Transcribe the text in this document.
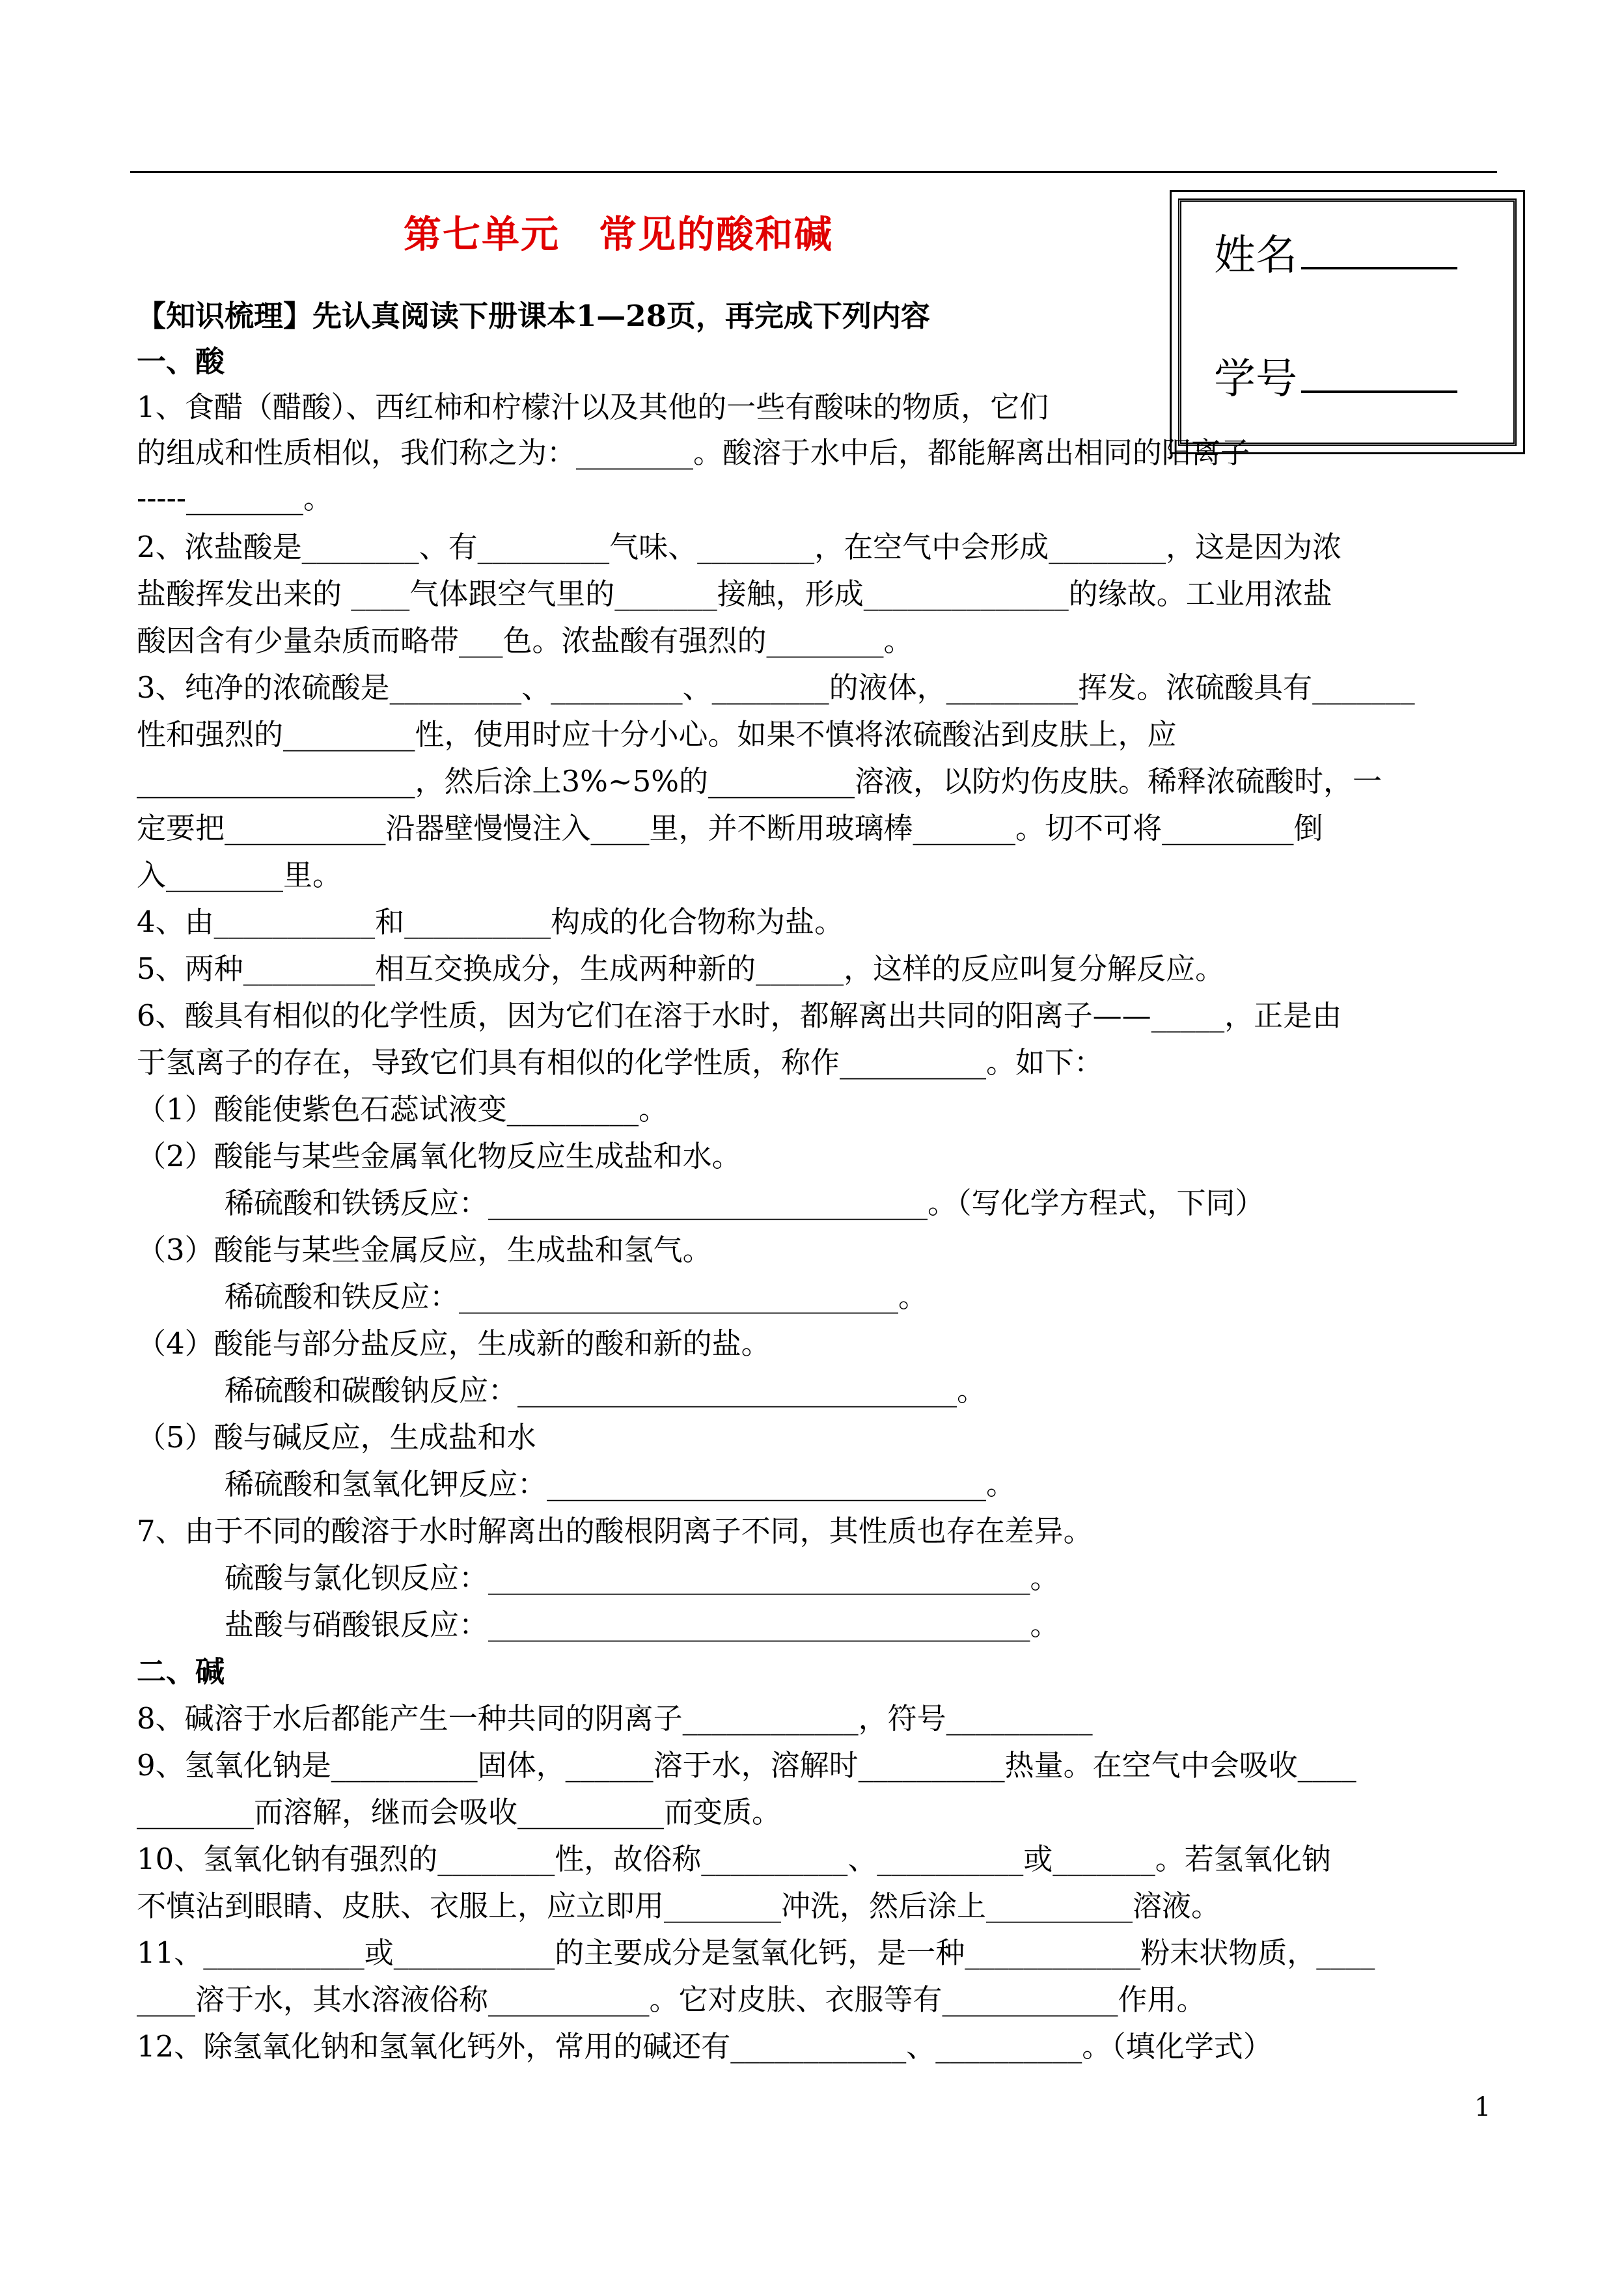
第七单元　常见的酸和碱	姓名
学号
【知识梳理】先认真阅读下册课本1—28页，再完成下列内容
一、酸
1、食醋（醋酸）、西红柿和柠檬汁以及其他的一些有酸味的物质，它们
的组成和性质相似，我们称之为：________。酸溶于水中后，都能解离出相同的阳离子
-----________。
2、浓盐酸是________、有_________气味、________，在空气中会形成________，这是因为浓
盐酸挥发出来的 ____气体跟空气里的_______接触，形成______________的缘故。工业用浓盐
酸因含有少量杂质而略带___色。浓盐酸有强烈的________。
3、纯净的浓硫酸是_________、_________、________的液体，_________挥发。浓硫酸具有_______
性和强烈的_________性，使用时应十分小心。如果不慎将浓硫酸沾到皮肤上，应
___________________，然后涂上3%~5%的__________溶液，以防灼伤皮肤。稀释浓硫酸时，一
定要把___________沿器壁慢慢注入____里，并不断用玻璃棒_______。切不可将_________倒
入________里。
4、由___________和__________构成的化合物称为盐。
5、两种_________相互交换成分，生成两种新的______，这样的反应叫复分解反应。
6、酸具有相似的化学性质，因为它们在溶于水时，都解离出共同的阳离子——_____，正是由
于氢离子的存在，导致它们具有相似的化学性质，称作__________。如下：
（1）酸能使紫色石蕊试液变_________。
（2）酸能与某些金属氧化物反应生成盐和水。
　　　稀硫酸和铁锈反应：______________________________。（写化学方程式，下同）
（3）酸能与某些金属反应，生成盐和氢气。
　　　稀硫酸和铁反应：______________________________。
（4）酸能与部分盐反应，生成新的酸和新的盐。
　　　稀硫酸和碳酸钠反应：______________________________。
（5）酸与碱反应，生成盐和水
　　　稀硫酸和氢氧化钾反应：______________________________。
7、由于不同的酸溶于水时解离出的酸根阴离子不同，其性质也存在差异。
　　　硫酸与氯化钡反应：_____________________________________。
　　　盐酸与硝酸银反应：_____________________________________。
二、碱
8、碱溶于水后都能产生一种共同的阴离子____________，符号__________
9、氢氧化钠是__________固体，______溶于水，溶解时__________热量。在空气中会吸收____
________而溶解，继而会吸收__________而变质。
10、氢氧化钠有强烈的________性，故俗称__________、__________或_______。若氢氧化钠
不慎沾到眼睛、皮肤、衣服上，应立即用________冲洗，然后涂上__________溶液。
11、___________或___________的主要成分是氢氧化钙，是一种____________粉末状物质，____
____溶于水，其水溶液俗称___________。它对皮肤、衣服等有____________作用。
12、除氢氧化钠和氢氧化钙外，常用的碱还有____________、__________。（填化学式）
1
